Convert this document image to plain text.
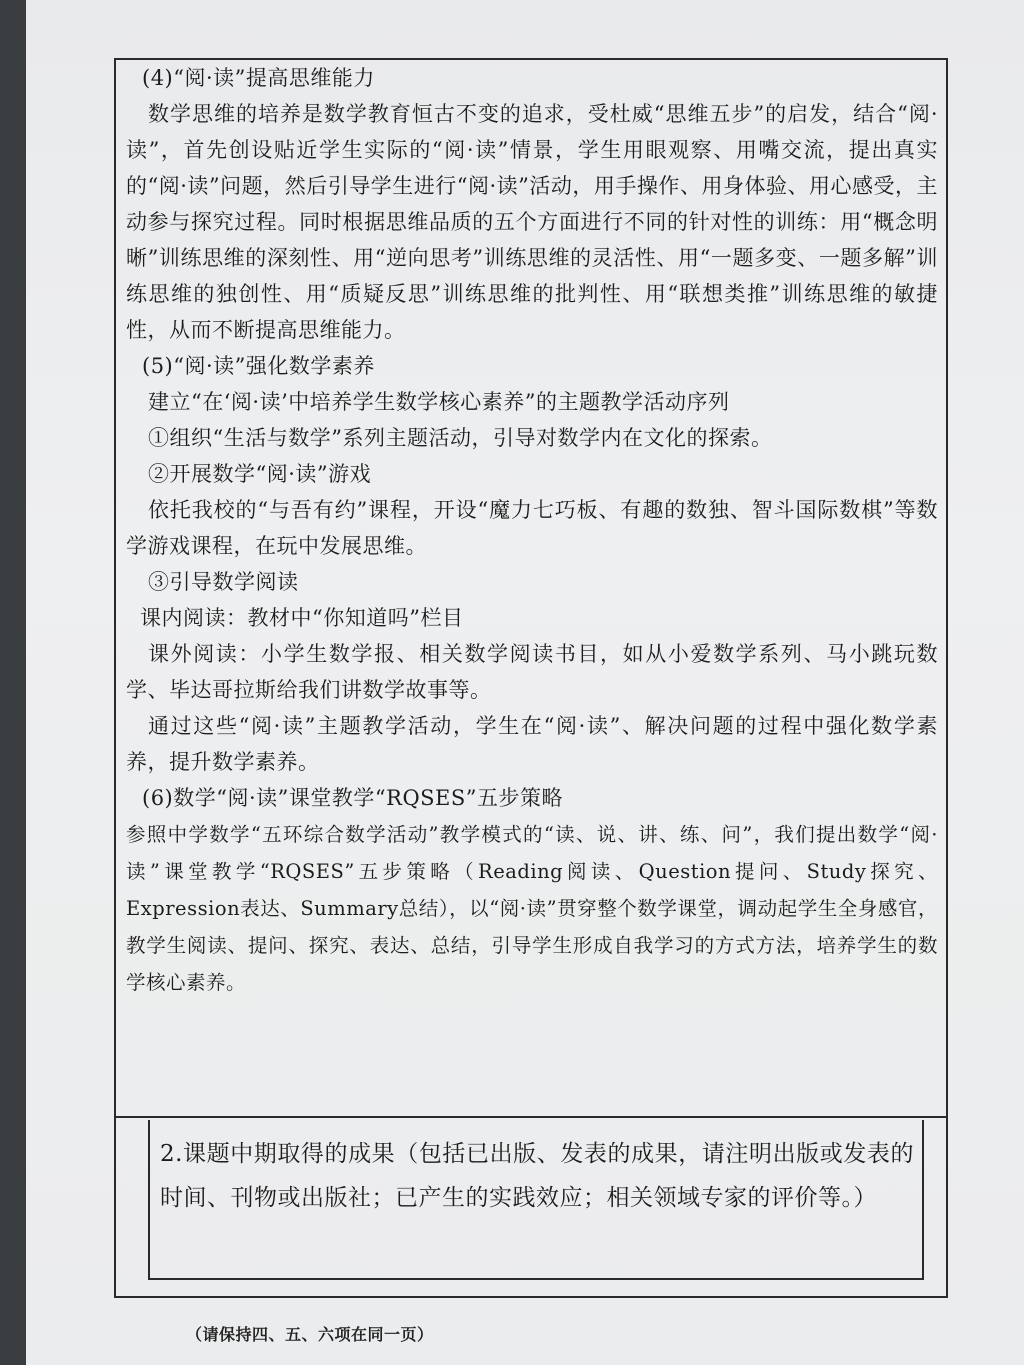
(4)“阅·读”提高思维能力

数学思维的培养是数学教育恒古不变的追求，受杜威“思维五步”的启发，结合“阅·读”，首先创设贴近学生实际的“阅·读”情景，学生用眼观察、用嘴交流，提出真实的“阅·读”问题，然后引导学生进行“阅·读”活动，用手操作、用身体验、用心感受，主动参与探究过程。同时根据思维品质的五个方面进行不同的针对性的训练：用“概念明晰”训练思维的深刻性、用“逆向思考”训练思维的灵活性、用“一题多变、一题多解”训练思维的独创性、用“质疑反思”训练思维的批判性、用“联想类推”训练思维的敏捷性，从而不断提高思维能力。

(5)“阅·读”强化数学素养

建立“在‘阅·读’中培养学生数学核心素养”的主题教学活动序列

①组织“生活与数学”系列主题活动，引导对数学内在文化的探索。

②开展数学“阅·读”游戏

依托我校的“与吾有约”课程，开设“魔力七巧板、有趣的数独、智斗国际数棋”等数学游戏课程，在玩中发展思维。

③引导数学阅读

课内阅读：教材中“你知道吗”栏目

课外阅读：小学生数学报、相关数学阅读书目，如从小爱数学系列、马小跳玩数学、毕达哥拉斯给我们讲数学故事等。

通过这些“阅·读”主题教学活动，学生在“阅·读”、解决问题的过程中强化数学素养，提升数学素养。

(6)数学“阅·读”课堂教学“RQSES”五步策略

参照中学数学“五环综合数学活动”教学模式的“读、说、讲、练、问”，我们提出数学“阅·读”课堂教学“RQSES”五步策略（Reading阅读、Question提问、Study探究、Expression表达、Summary总结），以“阅·读”贯穿整个数学课堂，调动起学生全身感官，教学生阅读、提问、探究、表达、总结，引导学生形成自我学习的方式方法，培养学生的数学核心素养。

2.课题中期取得的成果（包括已出版、发表的成果，请注明出版或发表的时间、刊物或出版社；已产生的实践效应；相关领域专家的评价等。）

（请保持四、五、六项在同一页）
